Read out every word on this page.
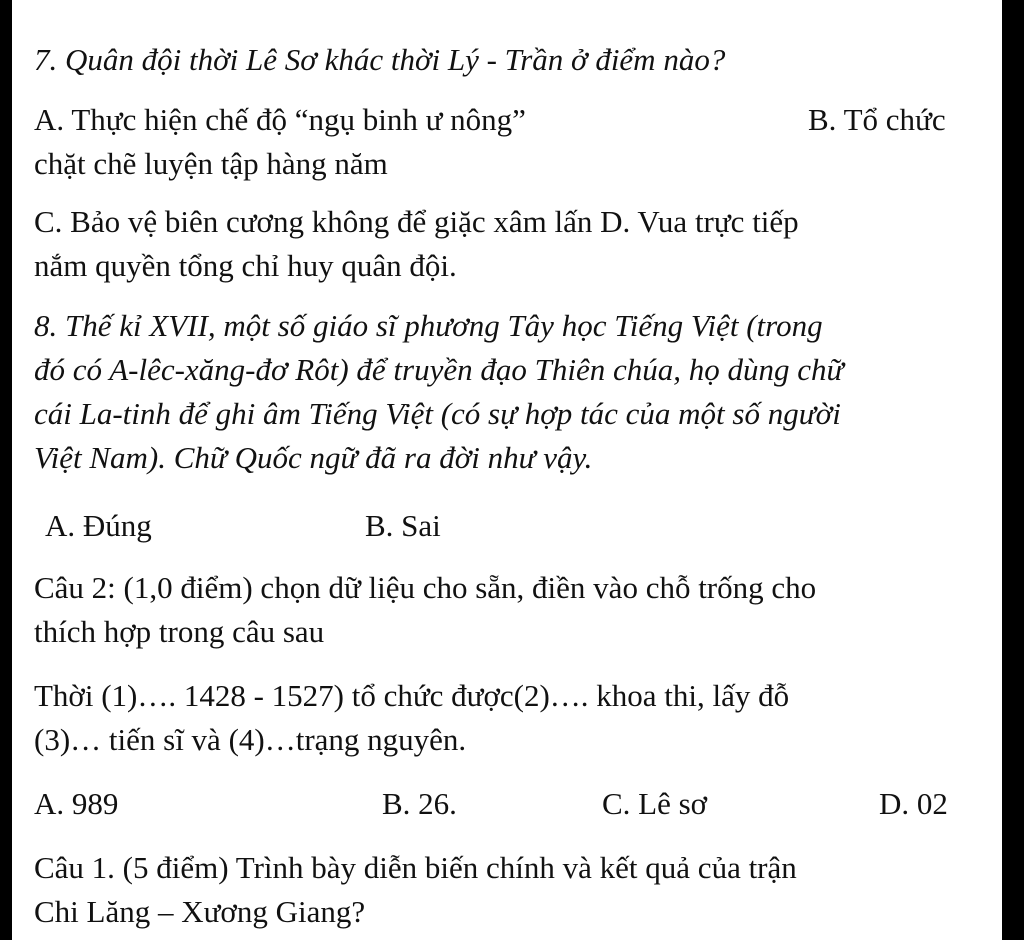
7. Quân đội thời Lê Sơ khác thời Lý - Trần ở điểm nào?
A. Thực hiện chế độ “ngụ binh ư nông”	B. Tổ chức
chặt chẽ luyện tập hàng năm
C. Bảo vệ biên cương không để giặc xâm lấn D. Vua trực tiếp
nắm quyền tổng chỉ huy quân đội.
8. Thế kỉ XVII, một số giáo sĩ phương Tây học Tiếng Việt (trong
đó có A-lêc-xăng-đơ Rôt) để truyền đạo Thiên chúa, họ dùng chữ
cái La-tinh để ghi âm Tiếng Việt (có sự hợp tác của một số người
Việt Nam). Chữ Quốc ngữ đã ra đời như vậy.
A. Đúng	B. Sai
Câu 2: (1,0 điểm) chọn dữ liệu cho sẵn, điền vào chỗ trống cho
thích hợp trong câu sau
Thời (1)…. 1428 - 1527) tổ chức được(2)…. khoa thi, lấy đỗ
(3)… tiến sĩ và (4)…trạng nguyên.
A. 989	B. 26.	C. Lê sơ	D. 02
Câu 1. (5 điểm) Trình bày diễn biến chính và kết quả của trận
Chi Lăng – Xương Giang?
